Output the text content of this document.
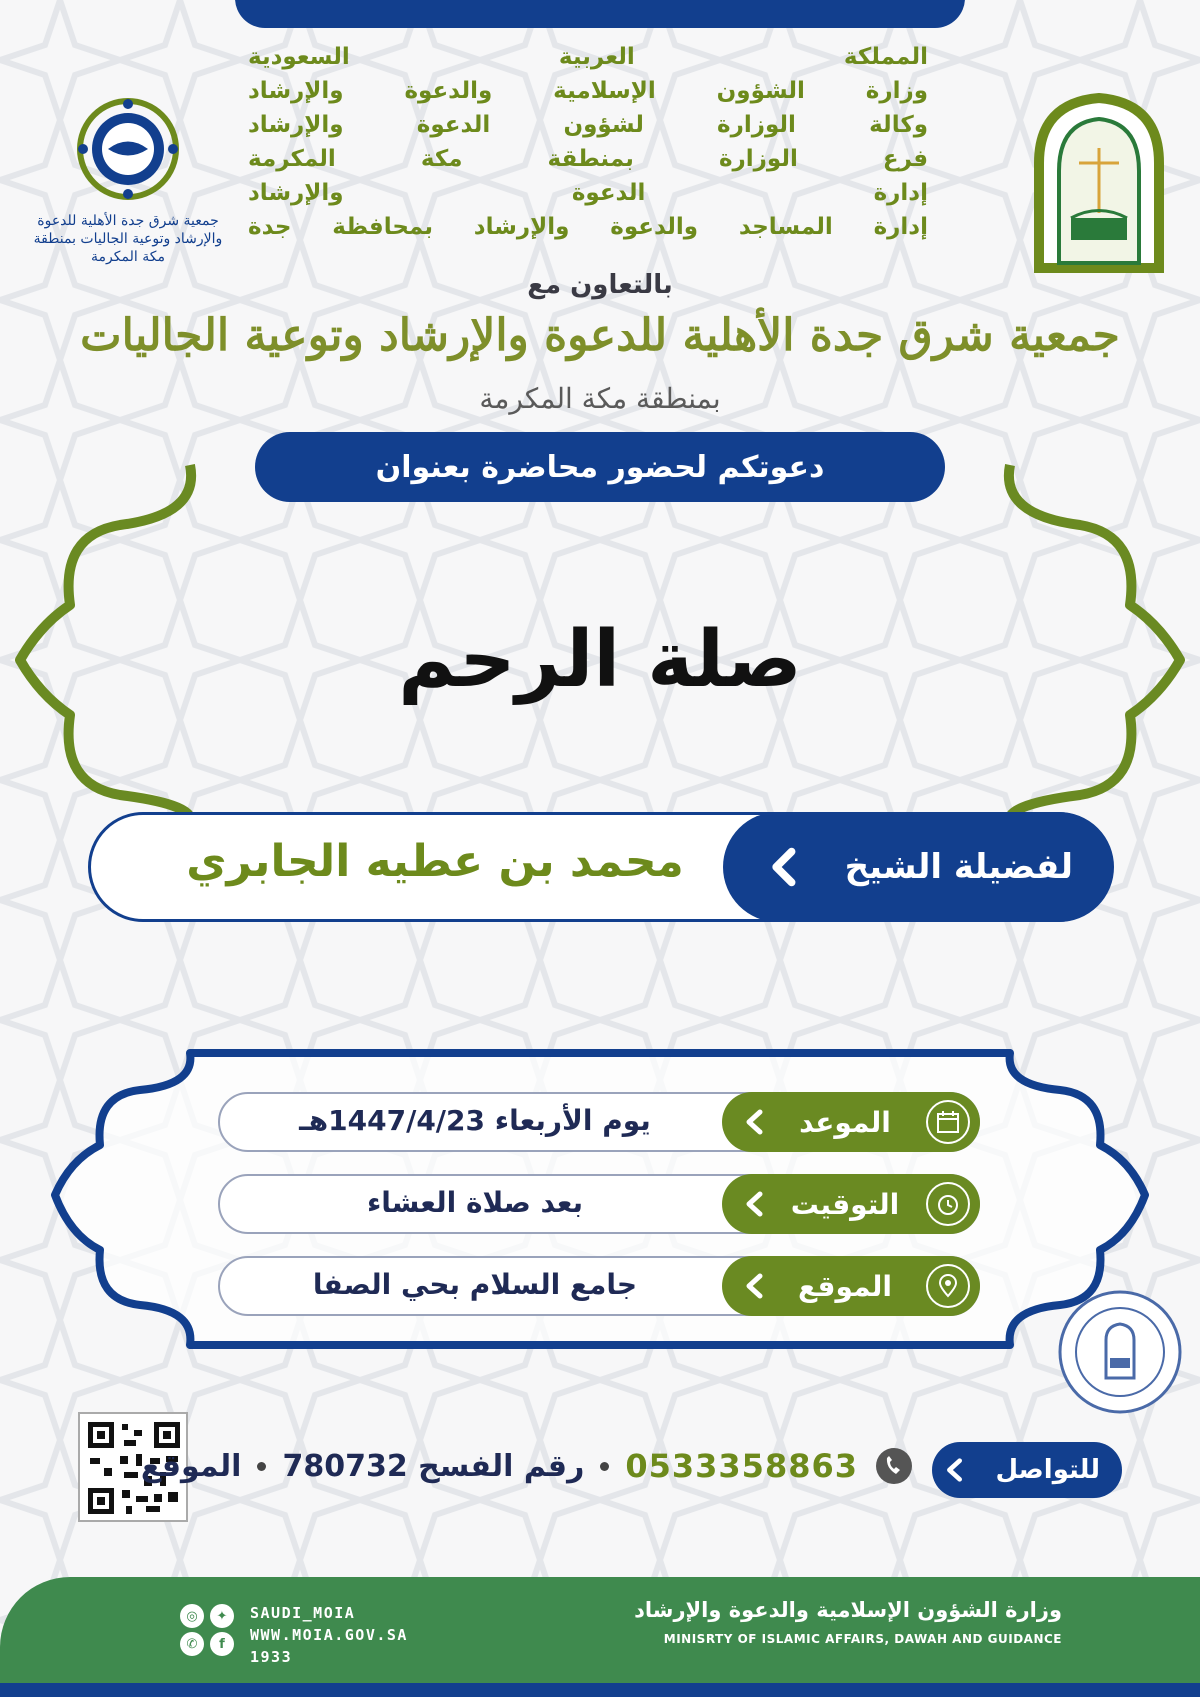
جمعية شرق جدة الأهلية للدعوة والإرشاد وتوعية الجاليات بمنطقة مكة المكرمة
المملكة العربية السعودية
وزارة الشؤون الإسلامية والدعوة والإرشاد
وكالة الوزارة لشؤون الدعوة والإرشاد
فرع الوزارة بمنطقة مكة المكرمة
إدارة الدعوة والإرشاد
إدارة المساجد والدعوة والإرشاد بمحافظة جدة
بالتعاون مع
جمعية شرق جدة الأهلية للدعوة والإرشاد وتوعية الجاليات
بمنطقة مكة المكرمة
دعوتكم لحضور محاضرة بعنوان
صلة الرحم
لفضيلة الشيخ
محمد بن عطيه الجابري
يوم الأربعاء 1447/4/23هـ	الموعد
بعد صلاة العشاء	التوقيت
جامع السلام بحي الصفا	الموقع
للتواصل
0533358863
رقم الفسح 780732
الموقع
وزارة الشؤون الإسلامية والدعوة والإرشاد
MINISRTY OF ISLAMIC AFFAIRS, DAWAH AND GUIDANCE
◎	✦
✆	f
SAUDI_MOIA
WWW.MOIA.GOV.SA
1933
